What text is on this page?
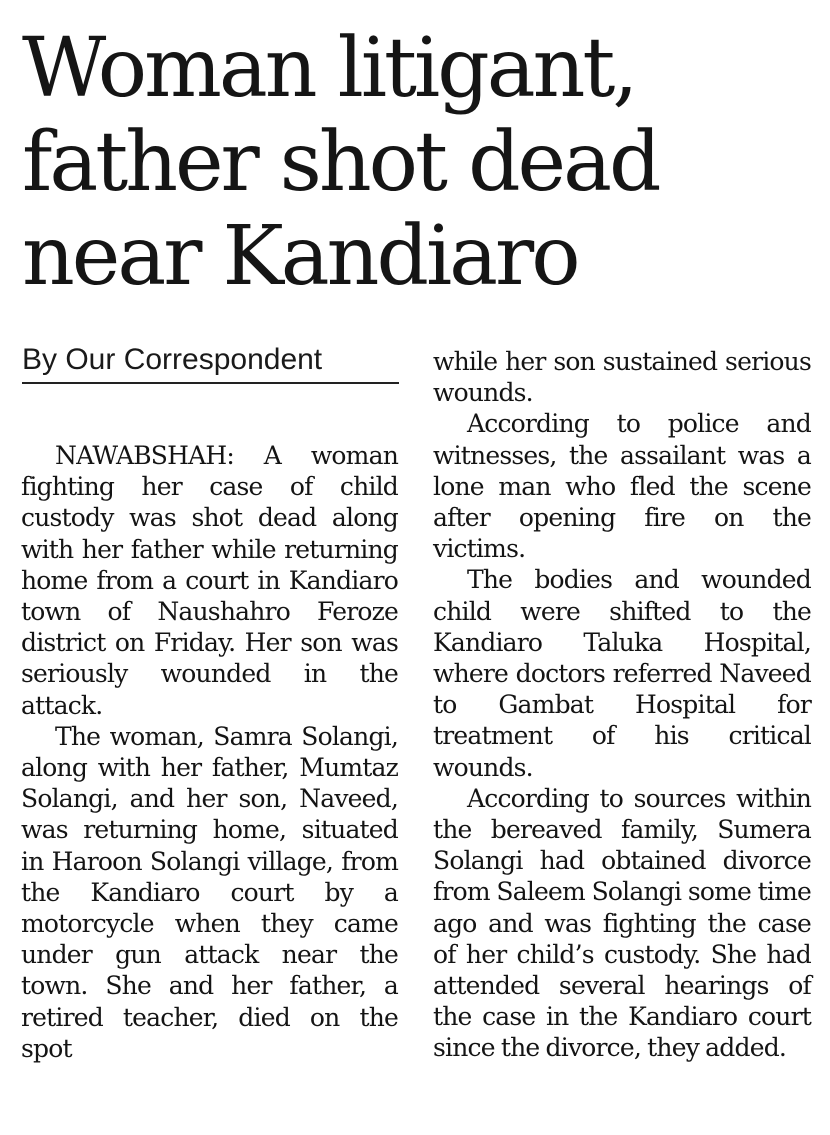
Woman litigant,
father shot dead
near Kandiaro
By Our Correspondent

NAWABSHAH: A woman fighting her case of child custody was shot dead along with her father while returning home from a court in Kandiaro town of Naushahro Feroze district on Friday. Her son was seriously wounded in the attack.

The woman, Samra Solangi, along with her father, Mumtaz Solangi, and her son, Naveed, was returning home, situated in Haroon Solangi village, from the Kandiaro court by a motorcycle when they came under gun attack near the town. She and her father, a retired teacher, died on the spot

while her son sustained serious wounds.

According to police and witnesses, the assailant was a lone man who fled the scene after opening fire on the victims.

The bodies and wounded child were shifted to the Kandiaro Taluka Hospital, where doctors referred Naveed to Gambat Hospital for treatment of his critical wounds.

According to sources within the bereaved family, Sumera Solangi had obtained divorce from Saleem Solangi some time ago and was fighting the case of her child’s custody. She had attended several hearings of the case in the Kandiaro court since the divorce, they added.
